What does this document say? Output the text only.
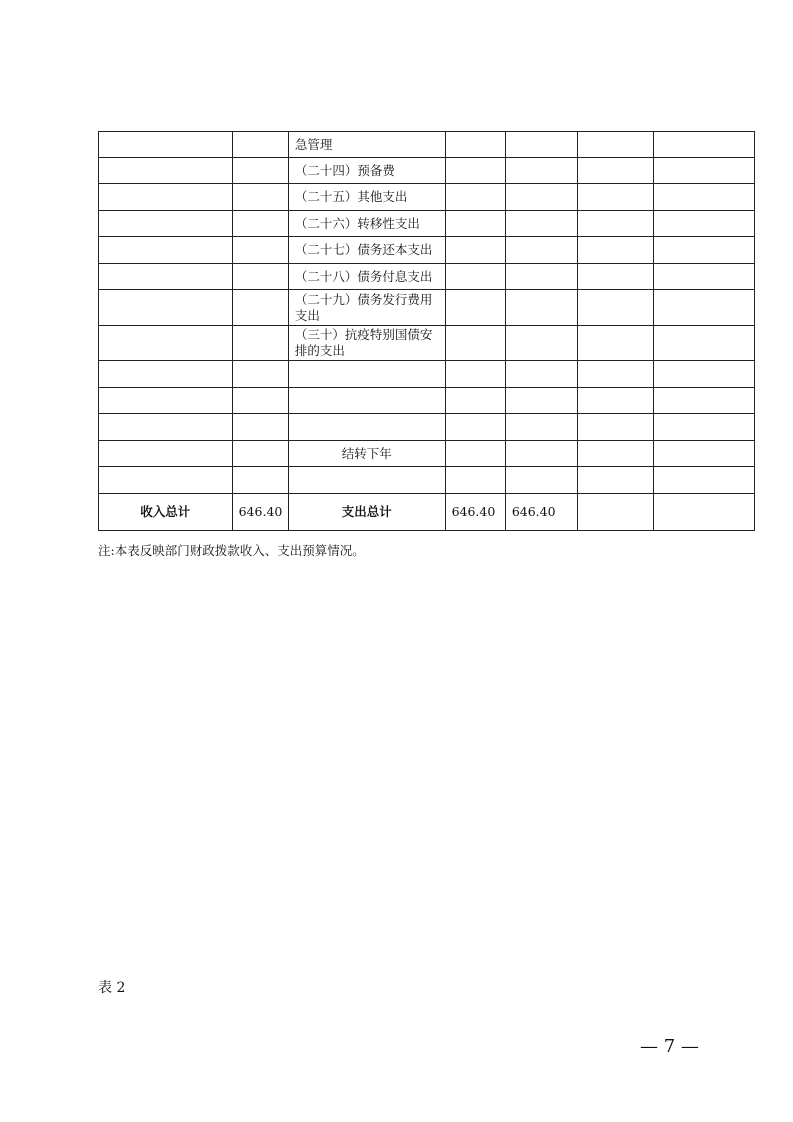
		急管理				
		（二十四）预备费				
		（二十五）其他支出				
		（二十六）转移性支出				
		（二十七）债务还本支出				
		（二十八）债务付息支出				
		（二十九）债务发行费用支出				
		（三十）抗疫特别国债安排的支出				

		结转下年				

收入总计	646.40	支出总计	646.40	646.40		
注:本表反映部门财政拨款收入、支出预算情况。
表 2
— 7 —
